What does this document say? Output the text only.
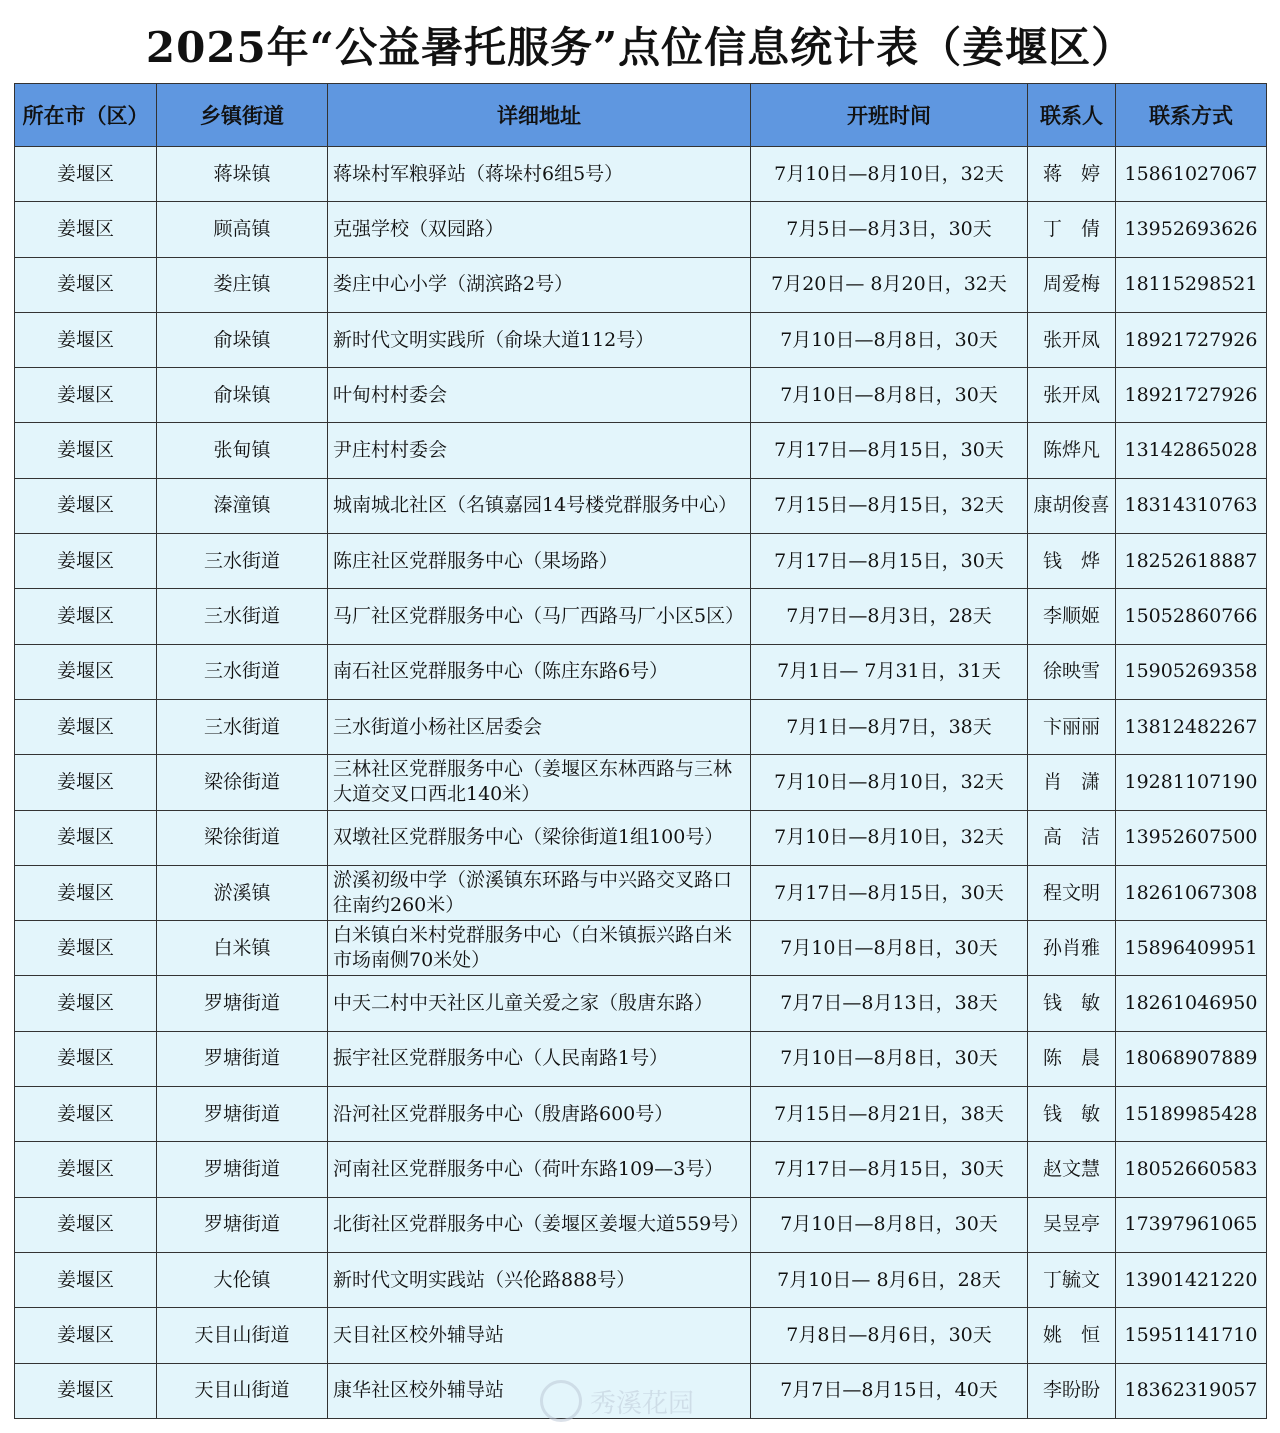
2025年“公益暑托服务”点位信息统计表（姜堰区）
所在市（区）	乡镇街道	详细地址	开班时间	联系人	联系方式
姜堰区	蒋垛镇	蒋垛村军粮驿站（蒋垛村6组5号）	7月10日—8月10日，32天	蒋　婷	15861027067
姜堰区	顾高镇	克强学校（双园路）	7月5日—8月3日，30天	丁　倩	13952693626
姜堰区	娄庄镇	娄庄中心小学（湖滨路2号）	7月20日— 8月20日，32天	周爱梅	18115298521
姜堰区	俞垛镇	新时代文明实践所（俞垛大道112号）	7月10日—8月8日，30天	张开凤	18921727926
姜堰区	俞垛镇	叶甸村村委会	7月10日—8月8日，30天	张开凤	18921727926
姜堰区	张甸镇	尹庄村村委会	7月17日—8月15日，30天	陈烨凡	13142865028
姜堰区	溱潼镇	城南城北社区（名镇嘉园14号楼党群服务中心）	7月15日—8月15日，32天	康胡俊喜	18314310763
姜堰区	三水街道	陈庄社区党群服务中心（果场路）	7月17日—8月15日，30天	钱　烨	18252618887
姜堰区	三水街道	马厂社区党群服务中心（马厂西路马厂小区5区）	7月7日—8月3日，28天	李顺姬	15052860766
姜堰区	三水街道	南石社区党群服务中心（陈庄东路6号）	7月1日— 7月31日，31天	徐映雪	15905269358
姜堰区	三水街道	三水街道小杨社区居委会	7月1日—8月7日，38天	卞丽丽	13812482267
姜堰区	梁徐街道	三林社区党群服务中心（姜堰区东林西路与三林大道交叉口西北140米）	7月10日—8月10日，32天	肖　潇	19281107190
姜堰区	梁徐街道	双墩社区党群服务中心（梁徐街道1组100号）	7月10日—8月10日，32天	高　洁	13952607500
姜堰区	淤溪镇	淤溪初级中学（淤溪镇东环路与中兴路交叉路口往南约260米）	7月17日—8月15日，30天	程文明	18261067308
姜堰区	白米镇	白米镇白米村党群服务中心（白米镇振兴路白米市场南侧70米处）	7月10日—8月8日，30天	孙肖雅	15896409951
姜堰区	罗塘街道	中天二村中天社区儿童关爱之家（殷唐东路）	7月7日—8月13日，38天	钱　敏	18261046950
姜堰区	罗塘街道	振宇社区党群服务中心（人民南路1号）	7月10日—8月8日，30天	陈　晨	18068907889
姜堰区	罗塘街道	沿河社区党群服务中心（殷唐路600号）	7月15日—8月21日，38天	钱　敏	15189985428
姜堰区	罗塘街道	河南社区党群服务中心（荷叶东路109—3号）	7月17日—8月15日，30天	赵文慧	18052660583
姜堰区	罗塘街道	北街社区党群服务中心（姜堰区姜堰大道559号）	7月10日—8月8日，30天	吴昱亭	17397961065
姜堰区	大伦镇	新时代文明实践站（兴伦路888号）	7月10日— 8月6日，28天	丁毓文	13901421220
姜堰区	天目山街道	天目社区校外辅导站	7月8日—8月6日，30天	姚　恒	15951141710
姜堰区	天目山街道	康华社区校外辅导站	7月7日—8月15日，40天	李盼盼	18362319057
秀溪花园
